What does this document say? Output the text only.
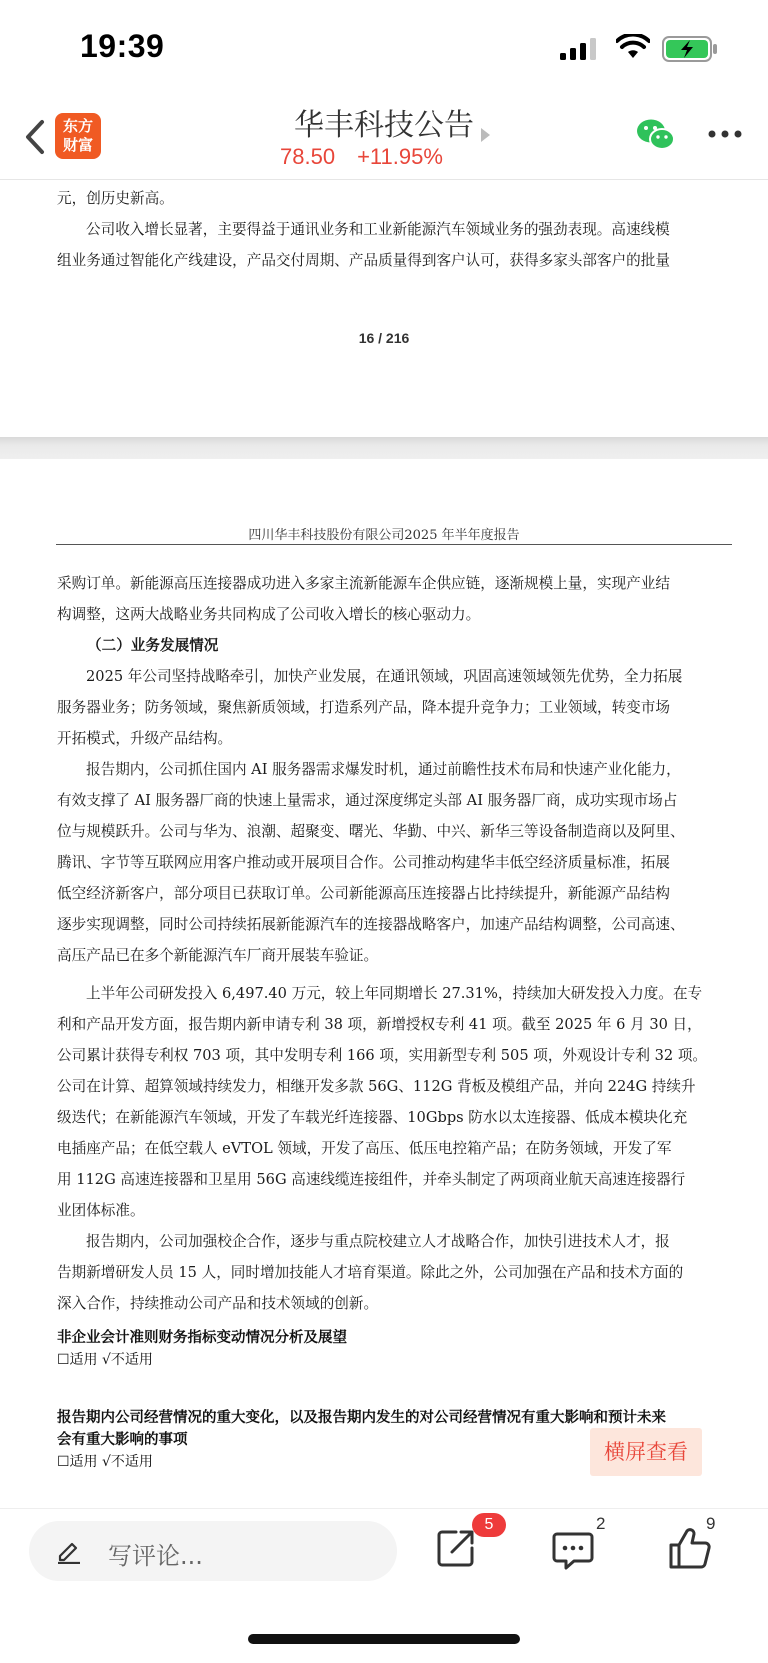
19:39
东方
财富
华丰科技公告
78.50 +11.95%
元，创历史新高。
公司收入增长显著，主要得益于通讯业务和工业新能源汽车领域业务的强劲表现。高速线模
组业务通过智能化产线建设，产品交付周期、产品质量得到客户认可，获得多家头部客户的批量
16 / 216
四川华丰科技股份有限公司2025 年半年度报告
采购订单。新能源高压连接器成功进入多家主流新能源车企供应链，逐渐规模上量，实现产业结
构调整，这两大战略业务共同构成了公司收入增长的核心驱动力。
（二）业务发展情况
2025 年公司坚持战略牵引，加快产业发展，在通讯领域，巩固高速领域领先优势，全力拓展
服务器业务；防务领域，聚焦新质领域，打造系列产品，降本提升竞争力；工业领域，转变市场
开拓模式，升级产品结构。
报告期内，公司抓住国内 AI 服务器需求爆发时机，通过前瞻性技术布局和快速产业化能力，
有效支撑了 AI 服务器厂商的快速上量需求，通过深度绑定头部 AI 服务器厂商，成功实现市场占
位与规模跃升。公司与华为、浪潮、超聚变、曙光、华勤、中兴、新华三等设备制造商以及阿里、
腾讯、字节等互联网应用客户推动或开展项目合作。公司推动构建华丰低空经济质量标准，拓展
低空经济新客户，部分项目已获取订单。公司新能源高压连接器占比持续提升，新能源产品结构
逐步实现调整，同时公司持续拓展新能源汽车的连接器战略客户，加速产品结构调整，公司高速、
高压产品已在多个新能源汽车厂商开展装车验证。
上半年公司研发投入 6,497.40 万元，较上年同期增长 27.31%，持续加大研发投入力度。在专
利和产品开发方面，报告期内新申请专利 38 项，新增授权专利 41 项。截至 2025 年 6 月 30 日，
公司累计获得专利权 703 项，其中发明专利 166 项，实用新型专利 505 项，外观设计专利 32 项。
公司在计算、超算领域持续发力，相继开发多款 56G、112G 背板及模组产品，并向 224G 持续升
级迭代；在新能源汽车领域，开发了车载光纤连接器、10Gbps 防水以太连接器、低成本模块化充
电插座产品；在低空载人 eVTOL 领域，开发了高压、低压电控箱产品；在防务领域，开发了军
用 112G 高速连接器和卫星用 56G 高速线缆连接组件，并牵头制定了两项商业航天高速连接器行
业团体标准。
报告期内，公司加强校企合作，逐步与重点院校建立人才战略合作，加快引进技术人才，报
告期新增研发人员 15 人，同时增加技能人才培育渠道。除此之外，公司加强在产品和技术方面的
深入合作，持续推动公司产品和技术领域的创新。
非企业会计准则财务指标变动情况分析及展望
☐适用 √不适用
报告期内公司经营情况的重大变化，以及报告期内发生的对公司经营情况有重大影响和预计未来
会有重大影响的事项
☐适用 √不适用	横屏查看
写评论...
5	2	9
